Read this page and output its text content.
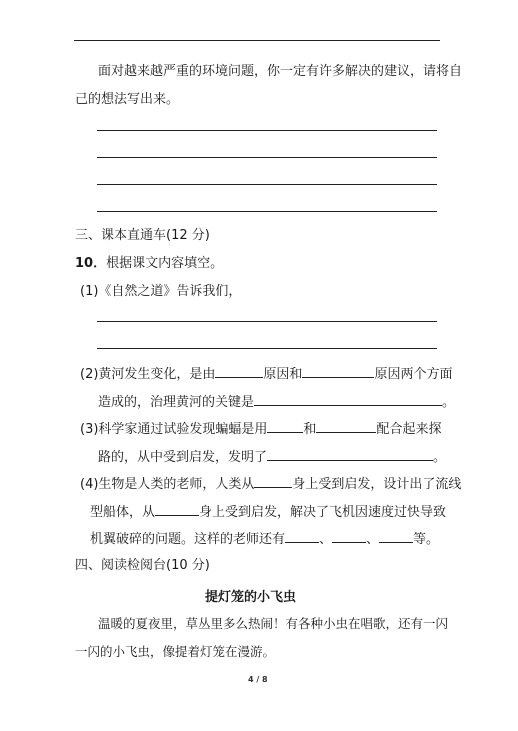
面对越来越严重的环境问题，你一定有许多解决的建议，请将自
己的想法写出来。
三、课本直通车(12 分)
10．根据课文内容填空。
(1)《自然之道》告诉我们，
(2)黄河发生变化，是由	原因和	原因两个方面
造成的，治理黄河的关键是	。
(3)科学家通过试验发现蝙蝠是用	和	配合起来探
路的，从中受到启发，发明了	。
(4)生物是人类的老师，人类从	身上受到启发，设计出了流线
型船体，从	身上受到启发，解决了飞机因速度过快导致
机翼破碎的问题。这样的老师还有	、	、	等。
四、阅读检阅台(10 分)
提灯笼的小飞虫
温暖的夏夜里，草丛里多么热闹！有各种小虫在唱歌，还有一闪
一闪的小飞虫，像提着灯笼在漫游。
4 / 8
